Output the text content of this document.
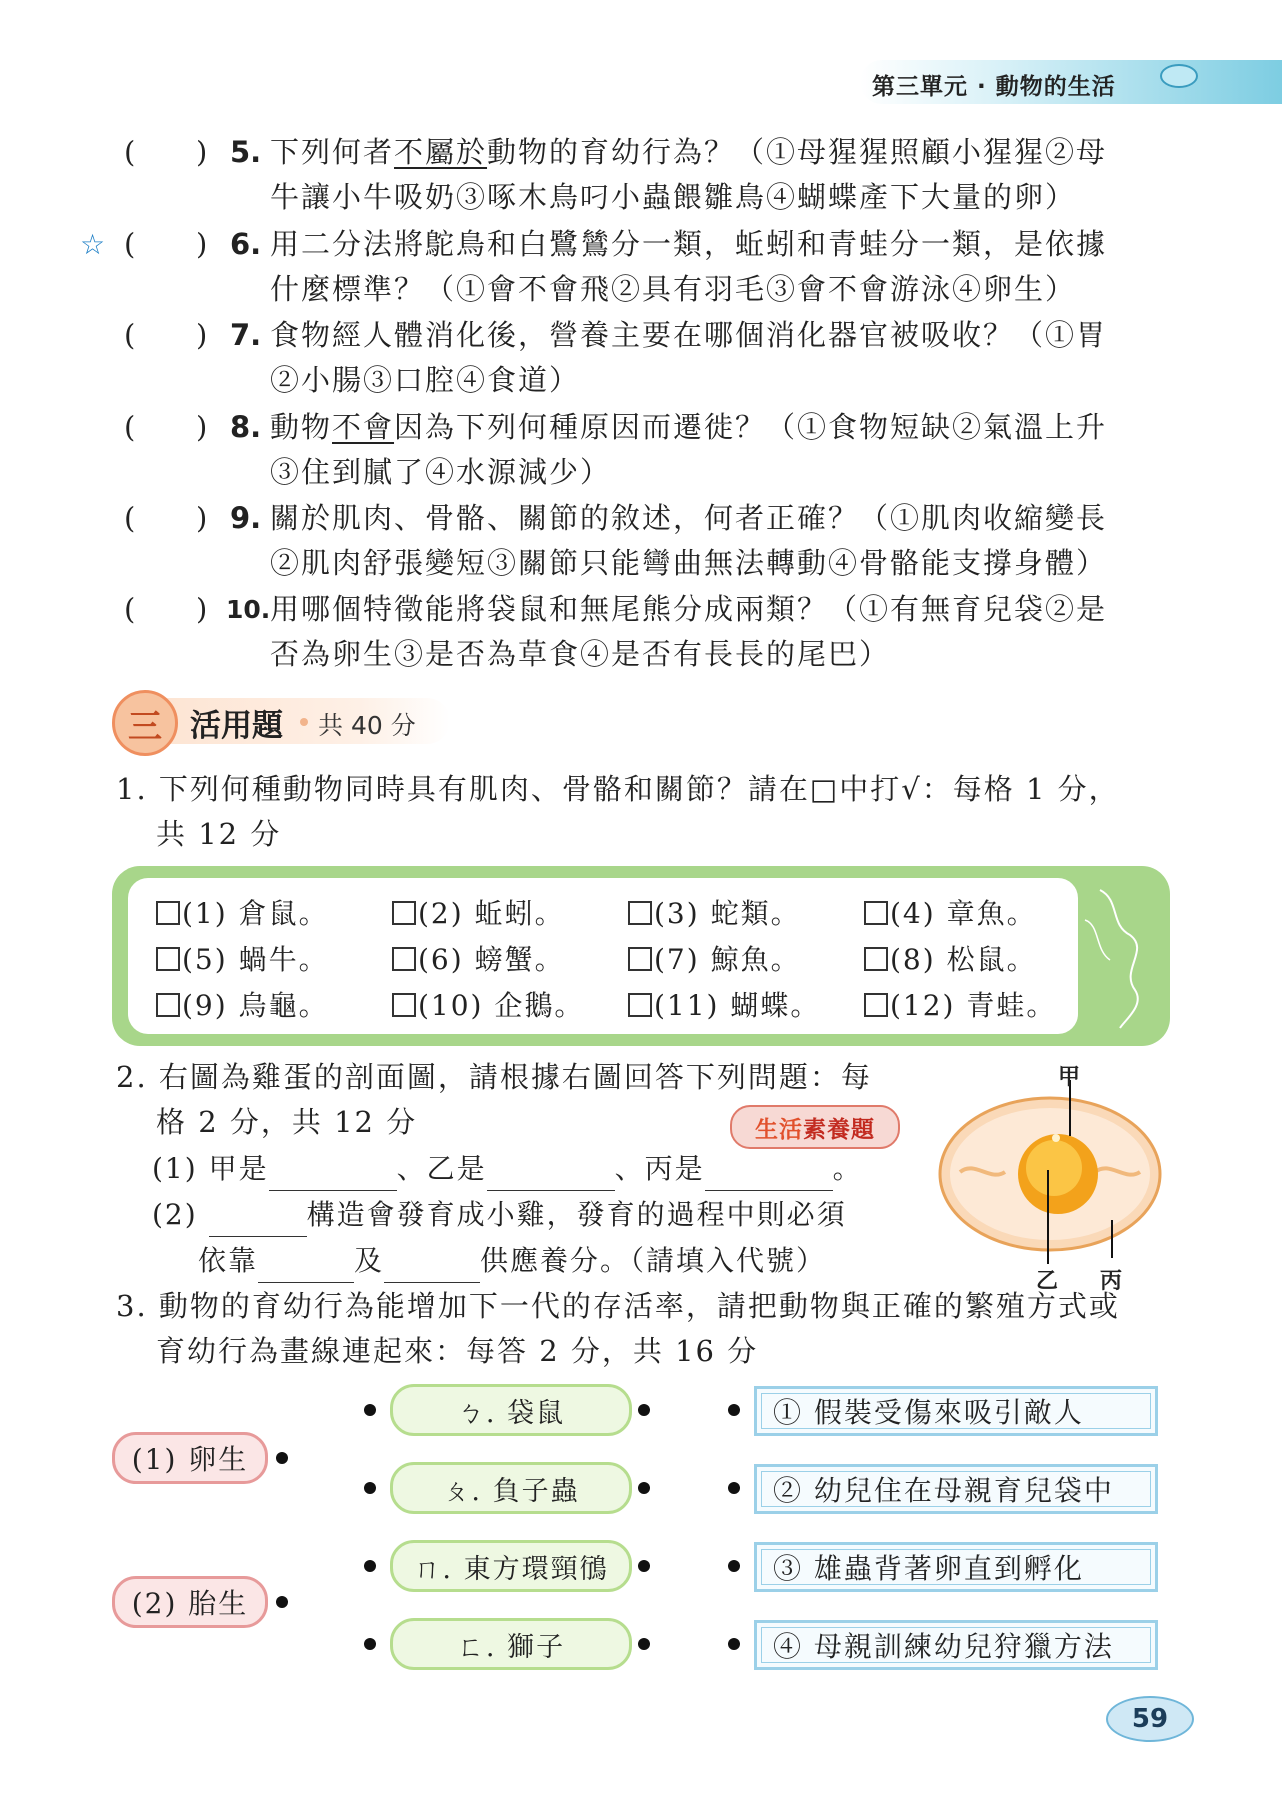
第三單元 · 動物的生活
( ) 5. 下列何者不屬於動物的育幼行為？（①母猩猩照顧小猩猩②母
牛讓小牛吸奶③啄木鳥叼小蟲餵雛鳥④蝴蝶產下大量的卵）
☆ ( ) 6. 用二分法將鴕鳥和白鷺鷥分一類，蚯蚓和青蛙分一類，是依據
什麼標準？（①會不會飛②具有羽毛③會不會游泳④卵生）
( ) 7. 食物經人體消化後，營養主要在哪個消化器官被吸收？（①胃
②小腸③口腔④食道）
( ) 8. 動物不會因為下列何種原因而遷徙？（①食物短缺②氣溫上升
③住到膩了④水源減少）
( ) 9. 關於肌肉、骨骼、關節的敘述，何者正確？（①肌肉收縮變長
②肌肉舒張變短③關節只能彎曲無法轉動④骨骼能支撐身體）
( ) 10. 用哪個特徵能將袋鼠和無尾熊分成兩類？（①有無育兒袋②是
否為卵生③是否為草食④是否有長長的尾巴）
三 活用題 共 40 分
1. 下列何種動物同時具有肌肉、骨骼和關節？請在□中打√：每格 1 分，
共 12 分
(1) 倉鼠。	(2) 蚯蚓。	(3) 蛇類。	(4) 章魚。
(5) 蝸牛。	(6) 螃蟹。	(7) 鯨魚。	(8) 松鼠。
(9) 烏龜。	(10) 企鵝。	(11) 蝴蝶。	(12) 青蛙。
2. 右圖為雞蛋的剖面圖，請根據右圖回答下列問題：每
格 2 分，共 12 分	生活 素養題
(1) 甲是	、乙是	、丙是	。
(2)	構造會發育成小雞，發育的過程中則必須
依靠	及	供應養分。（請填入代號）
甲
乙 丙
3. 動物的育幼行為能增加下一代的存活率，請把動物與正確的繁殖方式或
育幼行為畫線連起來：每答 2 分，共 16 分
(1) 卵生
(2) 胎生
ㄅ. 袋鼠
ㄆ. 負子蟲
ㄇ. 東方環頸鴴
ㄈ. 獅子
① 假裝受傷來吸引敵人
② 幼兒住在母親育兒袋中
③ 雄蟲背著卵直到孵化
④ 母親訓練幼兒狩獵方法
59
